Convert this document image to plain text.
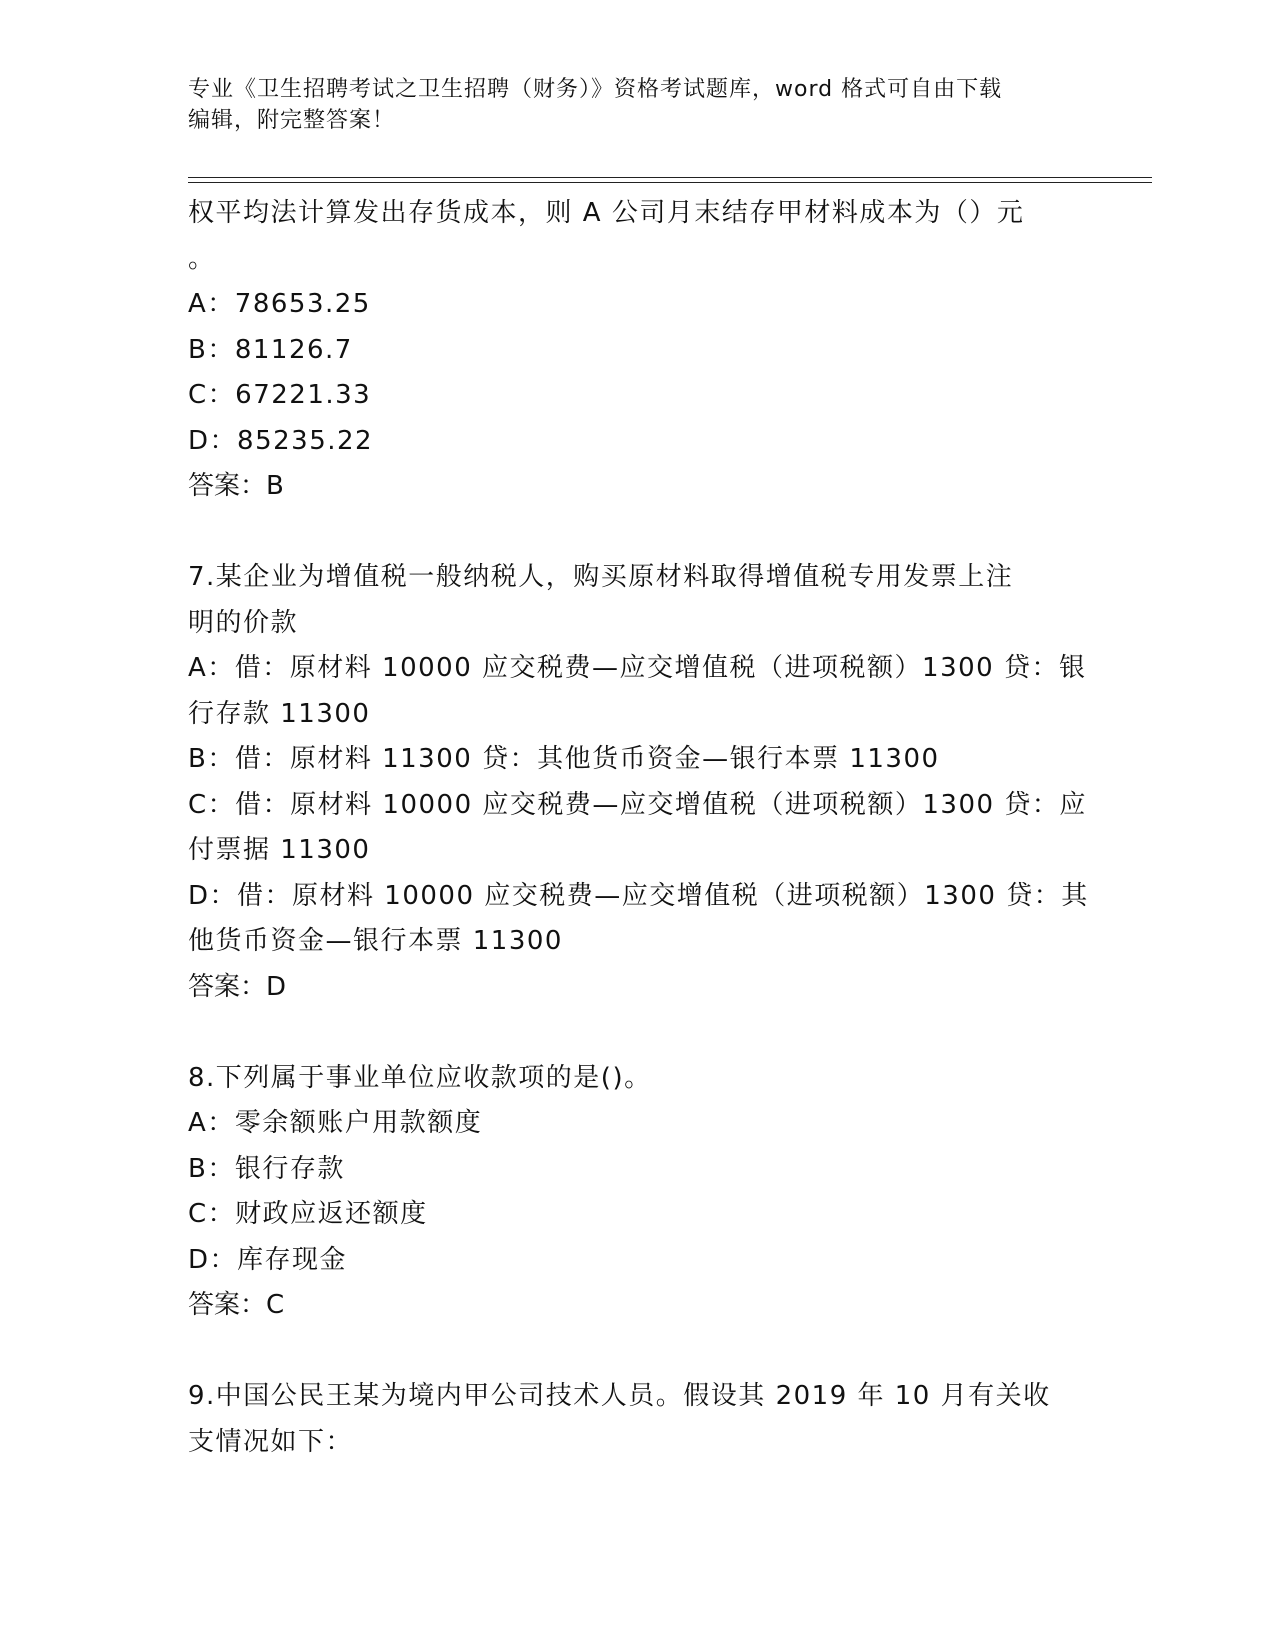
专业《卫生招聘考试之卫生招聘（财务）》资格考试题库，word 格式可自由下载
编辑，附完整答案！
权平均法计算发出存货成本，则 A 公司月末结存甲材料成本为（）元
。
A：78653.25
B：81126.7
C：67221.33
D：85235.22
答案：B
7.某企业为增值税一般纳税人，购买原材料取得增值税专用发票上注
明的价款
A：借：原材料 10000 应交税费—应交增值税（进项税额）1300 贷：银
行存款 11300
B：借：原材料 11300 贷：其他货币资金—银行本票 11300
C：借：原材料 10000 应交税费—应交增值税（进项税额）1300 贷：应
付票据 11300
D：借：原材料 10000 应交税费—应交增值税（进项税额）1300 贷：其
他货币资金—银行本票 11300
答案：D
8.下列属于事业单位应收款项的是()。
A：零余额账户用款额度
B：银行存款
C：财政应返还额度
D：库存现金
答案：C
9.中国公民王某为境内甲公司技术人员。假设其 2019 年 10 月有关收
支情况如下：
